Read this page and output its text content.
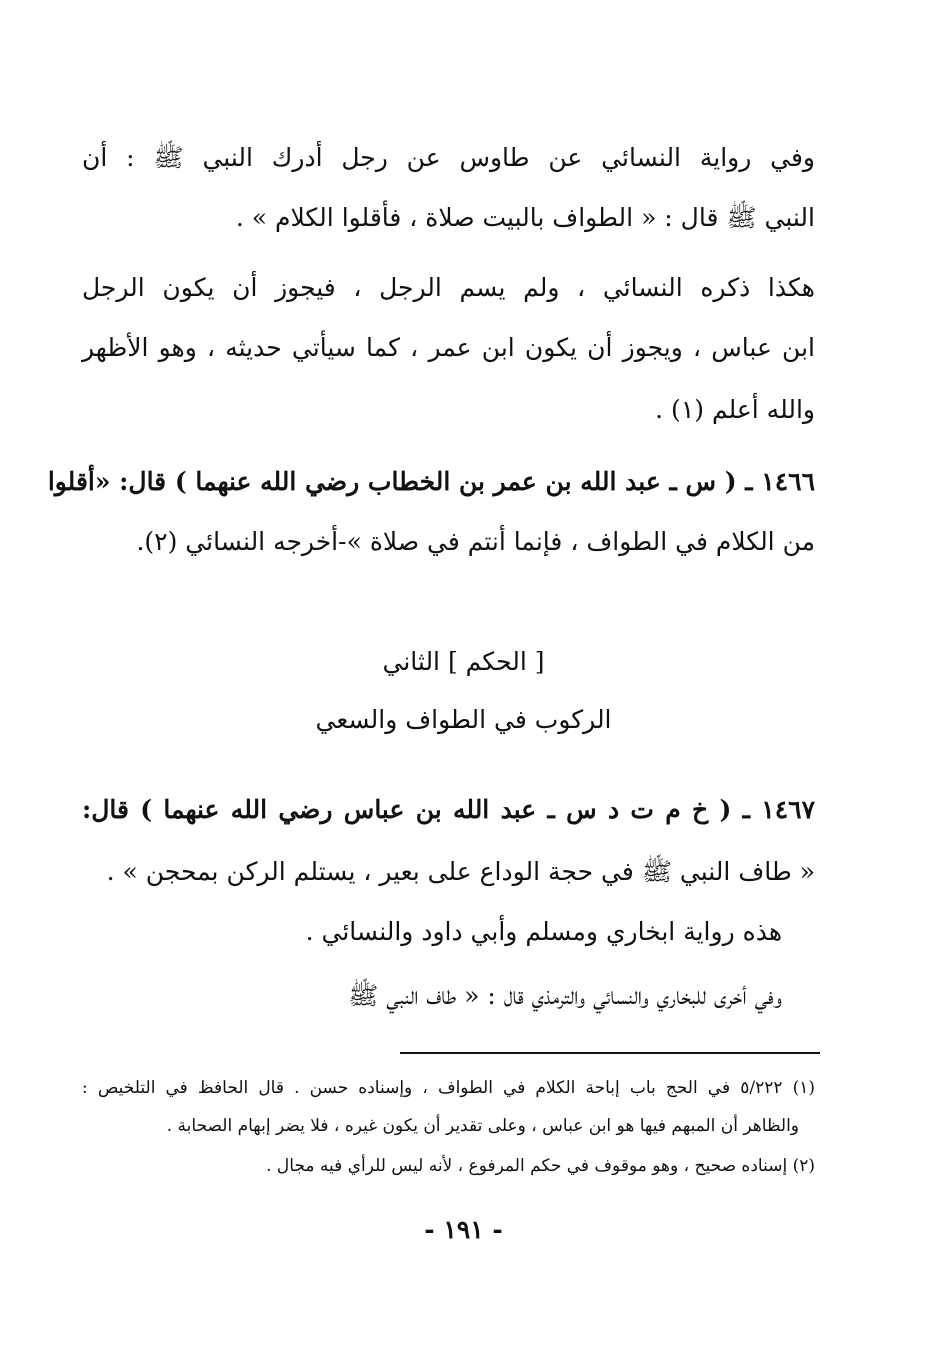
وفي رواية النسائي عن طاوس عن رجل أدرك النبي ﷺ : أن
النبي ﷺ قال : « الطواف بالبيت صلاة ، فأقلوا الكلام » .
هكذا ذكره النسائي ، ولم يسم الرجل ، فيجوز أن يكون الرجل
ابن عباس ، ويجوز أن يكون ابن عمر ، كما سيأتي حديثه ، وهو الأظهر
والله أعلم (١) .
١٤٦٦ ـ ( س ـ عبد الله بن عمر بن الخطاب رضي الله عنهما ) قال: «أقلوا
من الكلام في الطواف ، فإنما أنتم في صلاة »-أخرجه النسائي (٢).
[ الحكم ] الثاني
الركوب في الطواف والسعي
١٤٦٧ ـ ( خ م ت د س ـ عبد الله بن عباس رضي الله عنهما ) قال:
« طاف النبي ﷺ في حجة الوداع على بعير ، يستلم الركن بمحجن » .
هذه رواية ابخاري ومسلم وأبي داود والنسائي .
وفي أخرى للبخاري والنسائي والترمذي قال : « طاف النبي ﷺ
(١) ٥/٢٢٢ في الحج باب إباحة الكلام في الطواف ، وإسناده حسن . قال الحافظ في التلخيص :
والظاهر أن المبهم فيها هو ابن عباس ، وعلى تقدير أن يكون غيره ، فلا يضر إبهام الصحابة .
(٢) إسناده صحيح ، وهو موقوف في حكم المرفوع ، لأنه ليس للرأي فيه مجال .
- ١٩١ -
